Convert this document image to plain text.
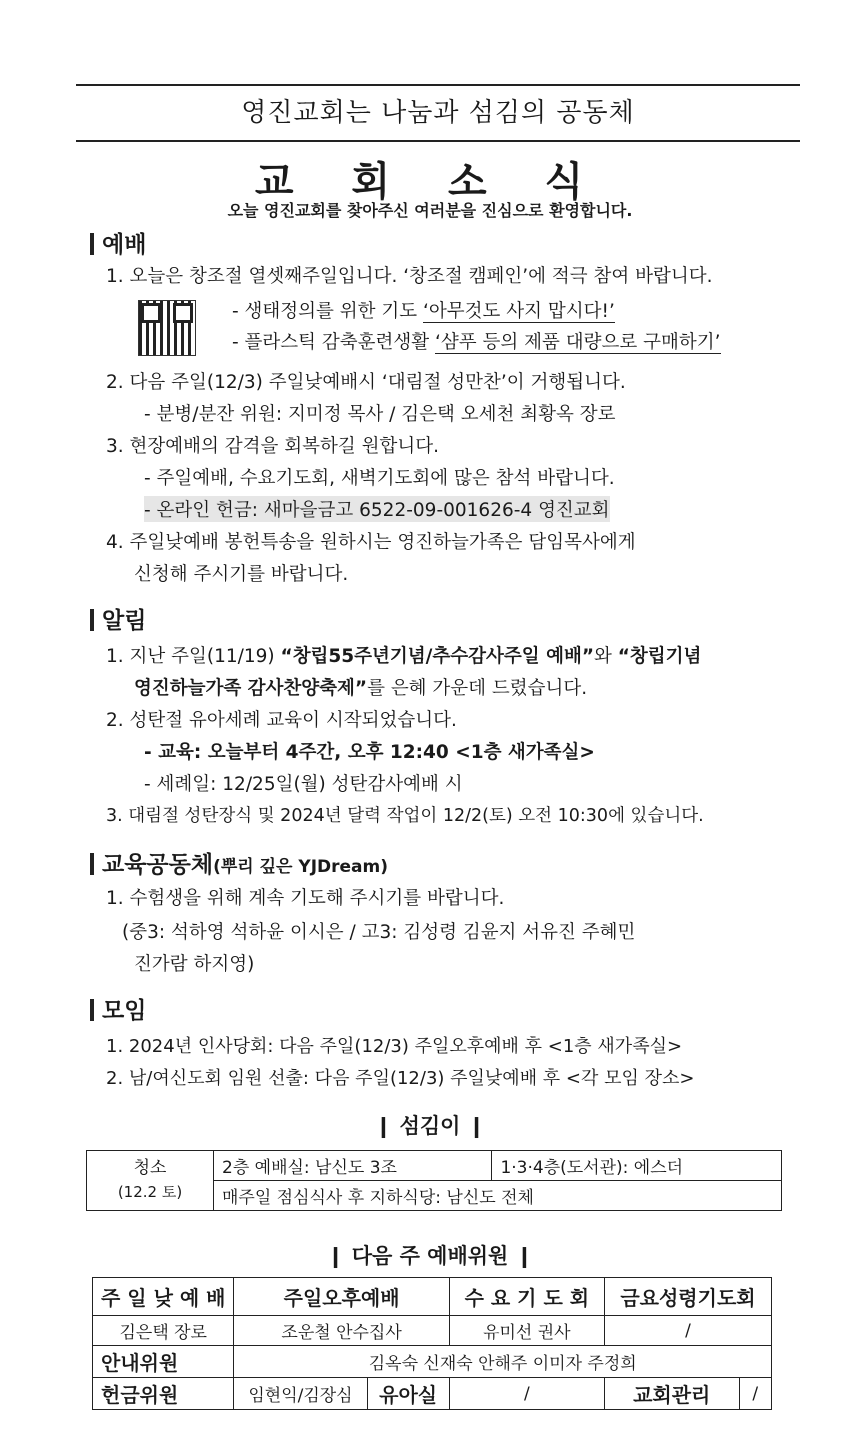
영진교회는 나눔과 섬김의 공동체
교 회 소 식
오늘 영진교회를 찾아주신 여러분을 진심으로 환영합니다.
예배
1. 오늘은 창조절 열셋째주일입니다. ‘창조절 캠페인’에 적극 참여 바랍니다.
- 생태정의를 위한 기도 ‘아무것도 사지 맙시다!’
- 플라스틱 감축훈련생활 ‘샴푸 등의 제품 대량으로 구매하기’
2. 다음 주일(12/3) 주일낮예배시 ‘대림절 성만찬’이 거행됩니다.
- 분병/분잔 위원: 지미정 목사 / 김은택 오세천 최황옥 장로
3. 현장예배의 감격을 회복하길 원합니다.
- 주일예배, 수요기도회, 새벽기도회에 많은 참석 바랍니다.
- 온라인 헌금: 새마을금고 6522-09-001626-4 영진교회
4. 주일낮예배 봉헌특송을 원하시는 영진하늘가족은 담임목사에게
신청해 주시기를 바랍니다.
알림
1. 지난 주일(11/19) “창립55주년기념/추수감사주일 예배”와 “창립기념
영진하늘가족 감사찬양축제”를 은혜 가운데 드렸습니다.
2. 성탄절 유아세례 교육이 시작되었습니다.
- 교육: 오늘부터 4주간, 오후 12:40 <1층 새가족실>
- 세례일: 12/25일(월) 성탄감사예배 시
3. 대림절 성탄장식 및 2024년 달력 작업이 12/2(토) 오전 10:30에 있습니다.
교육공동체(뿌리 깊은 YJDream)
1. 수험생을 위해 계속 기도해 주시기를 바랍니다.
(중3: 석하영 석하윤 이시은 / 고3: 김성령 김윤지 서유진 주혜민
진가람 하지영)
모임
1. 2024년 인사당회: 다음 주일(12/3) 주일오후예배 후 <1층 새가족실>
2. 남/여신도회 임원 선출: 다음 주일(12/3) 주일낮예배 후 <각 모임 장소>
❙ 섬김이 ❙
청소
(12.2 토)	2층 예배실: 남신도 3조	1·3·4층(도서관): 에스더
매주일 점심식사 후 지하식당: 남신도 전체
❙ 다음 주 예배위원 ❙
주 일 낮 예 배	주일오후예배		수 요 기 도 회	금요성령기도회	
김은택 장로	조운철 안수집사		유미선 권사	/	
안내위원	김옥숙 신재숙 안해주 이미자 주정희				
헌금위원	임현익/김장심	유아실	/	교회관리	/
